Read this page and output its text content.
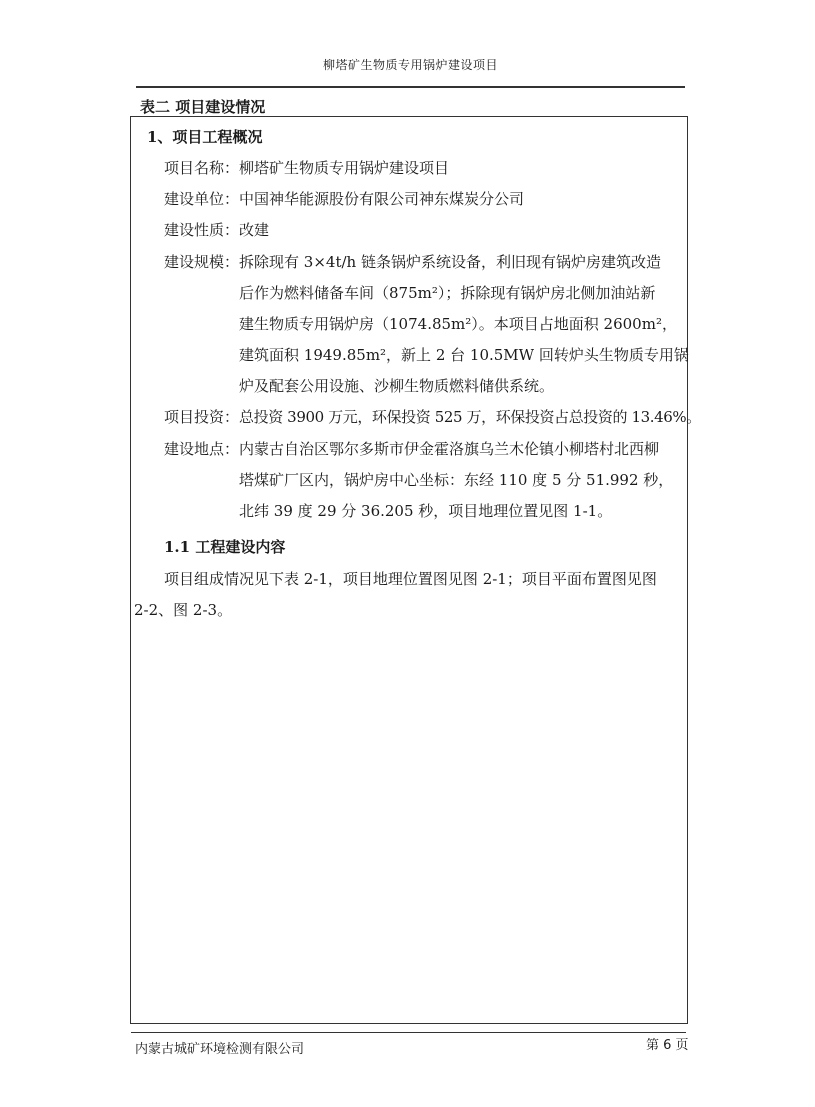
柳塔矿生物质专用锅炉建设项目
表二 项目建设情况
1、项目工程概况
项目名称： 柳塔矿生物质专用锅炉建设项目
建设单位： 中国神华能源股份有限公司神东煤炭分公司
建设性质： 改建
建设规模： 拆除现有 3×4t/h 链条锅炉系统设备，利旧现有锅炉房建筑改造
后作为燃料储备车间（875m²）；拆除现有锅炉房北侧加油站新
建生物质专用锅炉房（1074.85m²）。本项目占地面积 2600m²，
建筑面积 1949.85m²，新上 2 台 10.5MW 回转炉头生物质专用锅
炉及配套公用设施、沙柳生物质燃料储供系统。
项目投资： 总投资 3900 万元，环保投资 525 万，环保投资占总投资的 13.46%。
建设地点： 内蒙古自治区鄂尔多斯市伊金霍洛旗乌兰木伦镇小柳塔村北西柳
塔煤矿厂区内，锅炉房中心坐标：东经 110 度 5 分 51.992 秒，
北纬 39 度 29 分 36.205 秒，项目地理位置见图 1-1。
1.1 工程建设内容
项目组成情况见下表 2-1，项目地理位置图见图 2-1；项目平面布置图见图
2-2、图 2-3。
内蒙古城矿环境检测有限公司	第 6 页
